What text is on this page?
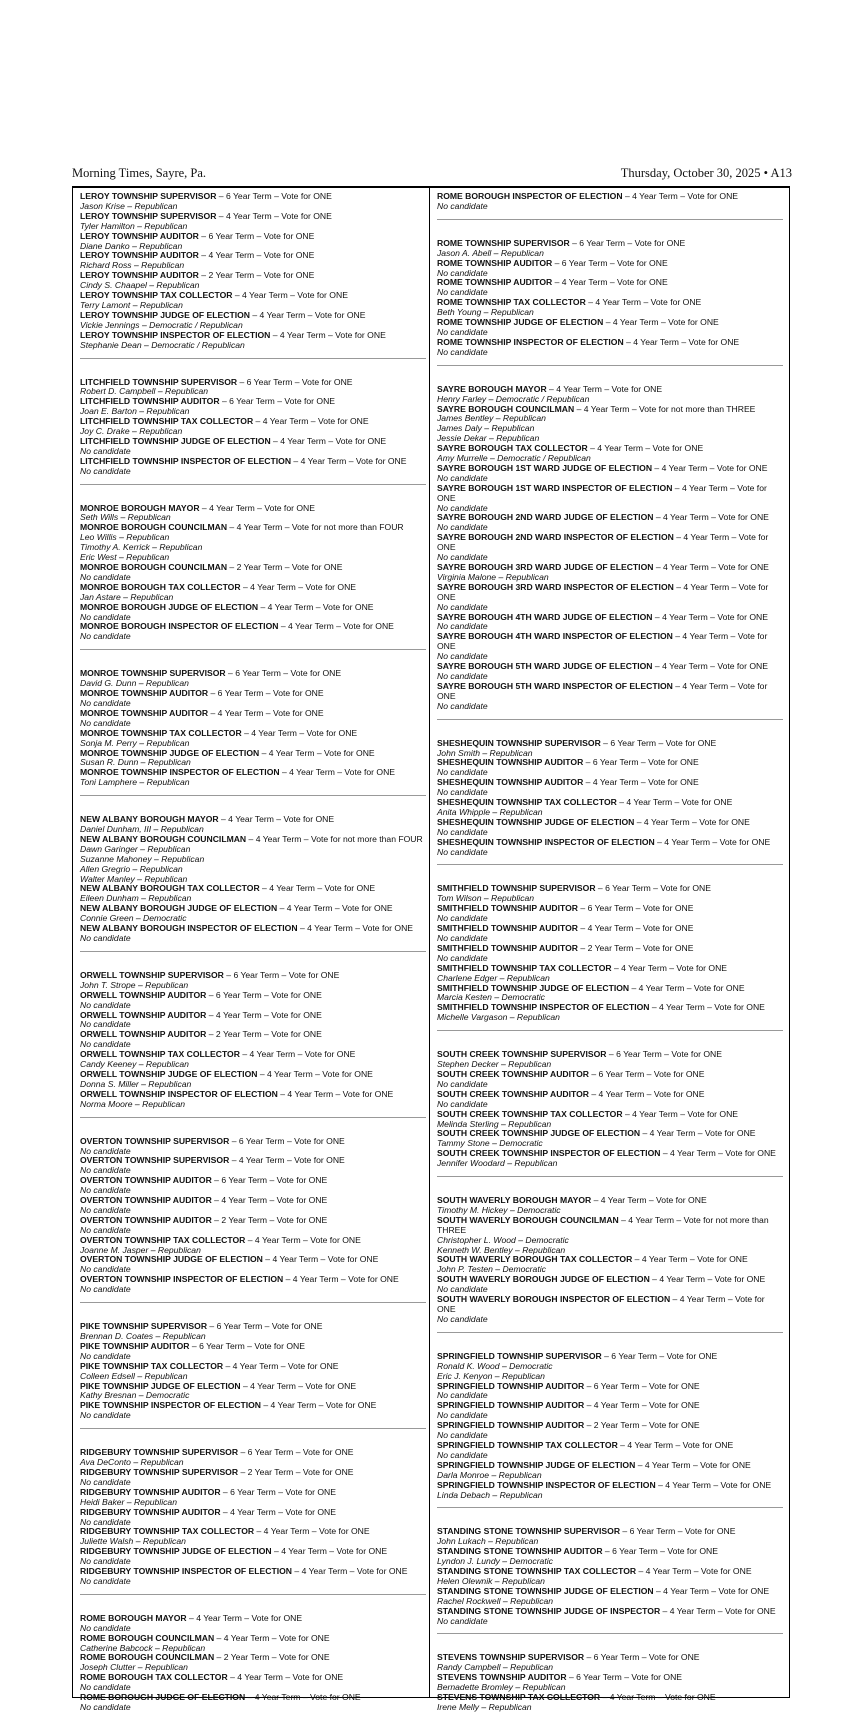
Morning Times, Sayre, Pa.	Thursday, October 30, 2025 • A13
LEROY TOWNSHIP SUPERVISOR – 6 Year Term – Vote for ONE
Jason Krise – Republican
LEROY TOWNSHIP SUPERVISOR – 4 Year Term – Vote for ONE
Tyler Hamilton – Republican
LEROY TOWNSHIP AUDITOR – 6 Year Term – Vote for ONE
Diane Danko – Republican
LEROY TOWNSHIP AUDITOR – 4 Year Term – Vote for ONE
Richard Ross – Republican
LEROY TOWNSHIP AUDITOR – 2 Year Term – Vote for ONE
Cindy S. Chaapel – Republican
LEROY TOWNSHIP TAX COLLECTOR – 4 Year Term – Vote for ONE
Terry Lamont – Republican
LEROY TOWNSHIP JUDGE OF ELECTION – 4 Year Term – Vote for ONE
Vickie Jennings – Democratic / Republican
LEROY TOWNSHIP INSPECTOR OF ELECTION – 4 Year Term – Vote for ONE
Stephanie Dean – Democratic / Republican
LITCHFIELD TOWNSHIP SUPERVISOR – 6 Year Term – Vote for ONE
Robert D. Campbell – Republican
LITCHFIELD TOWNSHIP AUDITOR – 6 Year Term – Vote for ONE
Joan E. Barton – Republican
LITCHFIELD TOWNSHIP TAX COLLECTOR – 4 Year Term – Vote for ONE
Joy C. Drake – Republican
LITCHFIELD TOWNSHIP JUDGE OF ELECTION – 4 Year Term – Vote for ONE
No candidate
LITCHFIELD TOWNSHIP INSPECTOR OF ELECTION – 4 Year Term – Vote for ONE
No candidate
MONROE BOROUGH MAYOR – 4 Year Term – Vote for ONE
Seth Wills – Republican
MONROE BOROUGH COUNCILMAN – 4 Year Term – Vote for not more than FOUR
Leo Willis – Republican
Timothy A. Kerrick – Republican
Eric West – Republican
MONROE BOROUGH COUNCILMAN – 2 Year Term – Vote for ONE
No candidate
MONROE BOROUGH TAX COLLECTOR – 4 Year Term – Vote for ONE
Jan Astare – Republican
MONROE BOROUGH JUDGE OF ELECTION – 4 Year Term – Vote for ONE
No candidate
MONROE BOROUGH INSPECTOR OF ELECTION – 4 Year Term – Vote for ONE
No candidate
MONROE TOWNSHIP SUPERVISOR – 6 Year Term – Vote for ONE
David G. Dunn – Republican
MONROE TOWNSHIP AUDITOR – 6 Year Term – Vote for ONE
No candidate
MONROE TOWNSHIP AUDITOR – 4 Year Term – Vote for ONE
No candidate
MONROE TOWNSHIP TAX COLLECTOR – 4 Year Term – Vote for ONE
Sonja M. Perry – Republican
MONROE TOWNSHIP JUDGE OF ELECTION – 4 Year Term – Vote for ONE
Susan R. Dunn – Republican
MONROE TOWNSHIP INSPECTOR OF ELECTION – 4 Year Term – Vote for ONE
Toni Lamphere – Republican
NEW ALBANY BOROUGH MAYOR – 4 Year Term – Vote for ONE
Daniel Dunham, III – Republican
NEW ALBANY BOROUGH COUNCILMAN – 4 Year Term – Vote for not more than FOUR
Dawn Garinger – Republican
Suzanne Mahoney – Republican
Allen Gregrio – Republican
Walter Manley – Republican
NEW ALBANY BOROUGH TAX COLLECTOR – 4 Year Term – Vote for ONE
Eileen Dunham – Republican
NEW ALBANY BOROUGH JUDGE OF ELECTION – 4 Year Term – Vote for ONE
Connie Green – Democratic
NEW ALBANY BOROUGH INSPECTOR OF ELECTION – 4 Year Term – Vote for ONE
No candidate
ORWELL TOWNSHIP SUPERVISOR – 6 Year Term – Vote for ONE
John T. Strope – Republican
ORWELL TOWNSHIP AUDITOR – 6 Year Term – Vote for ONE
No candidate
ORWELL TOWNSHIP AUDITOR – 4 Year Term – Vote for ONE
No candidate
ORWELL TOWNSHIP AUDITOR – 2 Year Term – Vote for ONE
No candidate
ORWELL TOWNSHIP TAX COLLECTOR – 4 Year Term – Vote for ONE
Candy Keeney – Republican
ORWELL TOWNSHIP JUDGE OF ELECTION – 4 Year Term – Vote for ONE
Donna S. Miller – Republican
ORWELL TOWNSHIP INSPECTOR OF ELECTION – 4 Year Term – Vote for ONE
Norma Moore – Republican
OVERTON TOWNSHIP SUPERVISOR – 6 Year Term – Vote for ONE
No candidate
OVERTON TOWNSHIP SUPERVISOR – 4 Year Term – Vote for ONE
No candidate
OVERTON TOWNSHIP AUDITOR – 6 Year Term – Vote for ONE
No candidate
OVERTON TOWNSHIP AUDITOR – 4 Year Term – Vote for ONE
No candidate
OVERTON TOWNSHIP AUDITOR – 2 Year Term – Vote for ONE
No candidate
OVERTON TOWNSHIP TAX COLLECTOR – 4 Year Term – Vote for ONE
Joanne M. Jasper – Republican
OVERTON TOWNSHIP JUDGE OF ELECTION – 4 Year Term – Vote for ONE
No candidate
OVERTON TOWNSHIP INSPECTOR OF ELECTION – 4 Year Term – Vote for ONE
No candidate
PIKE TOWNSHIP SUPERVISOR – 6 Year Term – Vote for ONE
Brennan D. Coates – Republican
PIKE TOWNSHIP AUDITOR – 6 Year Term – Vote for ONE
No candidate
PIKE TOWNSHIP TAX COLLECTOR – 4 Year Term – Vote for ONE
Colleen Edsell – Republican
PIKE TOWNSHIP JUDGE OF ELECTION – 4 Year Term – Vote for ONE
Kathy Bresnan – Democratic
PIKE TOWNSHIP INSPECTOR OF ELECTION – 4 Year Term – Vote for ONE
No candidate
RIDGEBURY TOWNSHIP SUPERVISOR – 6 Year Term – Vote for ONE
Ava DeConto – Republican
RIDGEBURY TOWNSHIP SUPERVISOR – 2 Year Term – Vote for ONE
No candidate
RIDGEBURY TOWNSHIP AUDITOR – 6 Year Term – Vote for ONE
Heidi Baker – Republican
RIDGEBURY TOWNSHIP AUDITOR – 4 Year Term – Vote for ONE
No candidate
RIDGEBURY TOWNSHIP TAX COLLECTOR – 4 Year Term – Vote for ONE
Juliette Walsh – Republican
RIDGEBURY TOWNSHIP JUDGE OF ELECTION – 4 Year Term – Vote for ONE
No candidate
RIDGEBURY TOWNSHIP INSPECTOR OF ELECTION – 4 Year Term – Vote for ONE
No candidate
ROME BOROUGH MAYOR – 4 Year Term – Vote for ONE
No candidate
ROME BOROUGH COUNCILMAN – 4 Year Term – Vote for ONE
Catherine Babcock – Republican
ROME BOROUGH COUNCILMAN – 2 Year Term – Vote for ONE
Joseph Clutter – Republican
ROME BOROUGH TAX COLLECTOR – 4 Year Term – Vote for ONE
No candidate
ROME BOROUGH JUDGE OF ELECTION – 4 Year Term – Vote for ONE
No candidate
ROME BOROUGH INSPECTOR OF ELECTION – 4 Year Term – Vote for ONE
No candidate
ROME TOWNSHIP SUPERVISOR – 6 Year Term – Vote for ONE
Jason A. Abell – Republican
ROME TOWNSHIP AUDITOR – 6 Year Term – Vote for ONE
No candidate
ROME TOWNSHIP AUDITOR – 4 Year Term – Vote for ONE
No candidate
ROME TOWNSHIP TAX COLLECTOR – 4 Year Term – Vote for ONE
Beth Young – Republican
ROME TOWNSHIP JUDGE OF ELECTION – 4 Year Term – Vote for ONE
No candidate
ROME TOWNSHIP INSPECTOR OF ELECTION – 4 Year Term – Vote for ONE
No candidate
SAYRE BOROUGH MAYOR – 4 Year Term – Vote for ONE
Henry Farley – Democratic / Republican
SAYRE BOROUGH COUNCILMAN – 4 Year Term – Vote for not more than THREE
James Bentley – Republican
James Daly – Republican
Jessie Dekar – Republican
SAYRE BOROUGH TAX COLLECTOR – 4 Year Term – Vote for ONE
Amy Murrelle – Democratic / Republican
SAYRE BOROUGH 1ST WARD JUDGE OF ELECTION – 4 Year Term – Vote for ONE
No candidate
SAYRE BOROUGH 1ST WARD INSPECTOR OF ELECTION – 4 Year Term – Vote for ONE
No candidate
SAYRE BOROUGH 2ND WARD JUDGE OF ELECTION – 4 Year Term – Vote for ONE
No candidate
SAYRE BOROUGH 2ND WARD INSPECTOR OF ELECTION – 4 Year Term – Vote for ONE
No candidate
SAYRE BOROUGH 3RD WARD JUDGE OF ELECTION – 4 Year Term – Vote for ONE
Virginia Malone – Republican
SAYRE BOROUGH 3RD WARD INSPECTOR OF ELECTION – 4 Year Term – Vote for ONE
No candidate
SAYRE BOROUGH 4TH WARD JUDGE OF ELECTION – 4 Year Term – Vote for ONE
No candidate
SAYRE BOROUGH 4TH WARD INSPECTOR OF ELECTION – 4 Year Term – Vote for ONE
No candidate
SAYRE BOROUGH 5TH WARD JUDGE OF ELECTION – 4 Year Term – Vote for ONE
No candidate
SAYRE BOROUGH 5TH WARD INSPECTOR OF ELECTION – 4 Year Term – Vote for ONE
No candidate
SHESHEQUIN TOWNSHIP SUPERVISOR – 6 Year Term – Vote for ONE
John Smith – Republican
SHESHEQUIN TOWNSHIP AUDITOR – 6 Year Term – Vote for ONE
No candidate
SHESHEQUIN TOWNSHIP AUDITOR – 4 Year Term – Vote for ONE
No candidate
SHESHEQUIN TOWNSHIP TAX COLLECTOR – 4 Year Term – Vote for ONE
Anita Whipple – Republican
SHESHEQUIN TOWNSHIP JUDGE OF ELECTION – 4 Year Term – Vote for ONE
No candidate
SHESHEQUIN TOWNSHIP INSPECTOR OF ELECTION – 4 Year Term – Vote for ONE
No candidate
SMITHFIELD TOWNSHIP SUPERVISOR – 6 Year Term – Vote for ONE
Tom Wilson – Republican
SMITHFIELD TOWNSHIP AUDITOR – 6 Year Term – Vote for ONE
No candidate
SMITHFIELD TOWNSHIP AUDITOR – 4 Year Term – Vote for ONE
No candidate
SMITHFIELD TOWNSHIP AUDITOR – 2 Year Term – Vote for ONE
No candidate
SMITHFIELD TOWNSHIP TAX COLLECTOR – 4 Year Term – Vote for ONE
Charlene Edger – Republican
SMITHFIELD TOWNSHIP JUDGE OF ELECTION – 4 Year Term – Vote for ONE
Marcia Kesten – Democratic
SMITHFIELD TOWNSHIP INSPECTOR OF ELECTION – 4 Year Term – Vote for ONE
Michelle Vargason – Republican
SOUTH CREEK TOWNSHIP SUPERVISOR – 6 Year Term – Vote for ONE
Stephen Decker – Republican
SOUTH CREEK TOWNSHIP AUDITOR – 6 Year Term – Vote for ONE
No candidate
SOUTH CREEK TOWNSHIP AUDITOR – 4 Year Term – Vote for ONE
No candidate
SOUTH CREEK TOWNSHIP TAX COLLECTOR – 4 Year Term – Vote for ONE
Melinda Sterling – Republican
SOUTH CREEK TOWNSHIP JUDGE OF ELECTION – 4 Year Term – Vote for ONE
Tammy Stone – Democratic
SOUTH CREEK TOWNSHIP INSPECTOR OF ELECTION – 4 Year Term – Vote for ONE
Jennifer Woodard – Republican
SOUTH WAVERLY BOROUGH MAYOR – 4 Year Term – Vote for ONE
Timothy M. Hickey – Democratic
SOUTH WAVERLY BOROUGH COUNCILMAN – 4 Year Term – Vote for not more than THREE
Christopher L. Wood – Democratic
Kenneth W. Bentley – Republican
SOUTH WAVERLY BOROUGH TAX COLLECTOR – 4 Year Term – Vote for ONE
John P. Testen – Democratic
SOUTH WAVERLY BOROUGH JUDGE OF ELECTION – 4 Year Term – Vote for ONE
No candidate
SOUTH WAVERLY BOROUGH INSPECTOR OF ELECTION – 4 Year Term – Vote for ONE
No candidate
SPRINGFIELD TOWNSHIP SUPERVISOR – 6 Year Term – Vote for ONE
Ronald K. Wood – Democratic
Eric J. Kenyon – Republican
SPRINGFIELD TOWNSHIP AUDITOR – 6 Year Term – Vote for ONE
No candidate
SPRINGFIELD TOWNSHIP AUDITOR – 4 Year Term – Vote for ONE
No candidate
SPRINGFIELD TOWNSHIP AUDITOR – 2 Year Term – Vote for ONE
No candidate
SPRINGFIELD TOWNSHIP TAX COLLECTOR – 4 Year Term – Vote for ONE
No candidate
SPRINGFIELD TOWNSHIP JUDGE OF ELECTION – 4 Year Term – Vote for ONE
Darla Monroe – Republican
SPRINGFIELD TOWNSHIP INSPECTOR OF ELECTION – 4 Year Term – Vote for ONE
Linda Debach – Republican
STANDING STONE TOWNSHIP SUPERVISOR – 6 Year Term – Vote for ONE
John Lukach – Republican
STANDING STONE TOWNSHIP AUDITOR – 6 Year Term – Vote for ONE
Lyndon J. Lundy – Democratic
STANDING STONE TOWNSHIP TAX COLLECTOR – 4 Year Term – Vote for ONE
Helen Olewnik – Republican
STANDING STONE TOWNSHIP JUDGE OF ELECTION – 4 Year Term – Vote for ONE
Rachel Rockwell – Republican
STANDING STONE TOWNSHIP JUDGE OF INSPECTOR – 4 Year Term – Vote for ONE
No candidate
STEVENS TOWNSHIP SUPERVISOR – 6 Year Term – Vote for ONE
Randy Campbell – Republican
STEVENS TOWNSHIP AUDITOR – 6 Year Term – Vote for ONE
Bernadette Bromley – Republican
STEVENS TOWNSHIP TAX COLLECTOR – 4 Year Term – Vote for ONE
Irene Melly – Republican
